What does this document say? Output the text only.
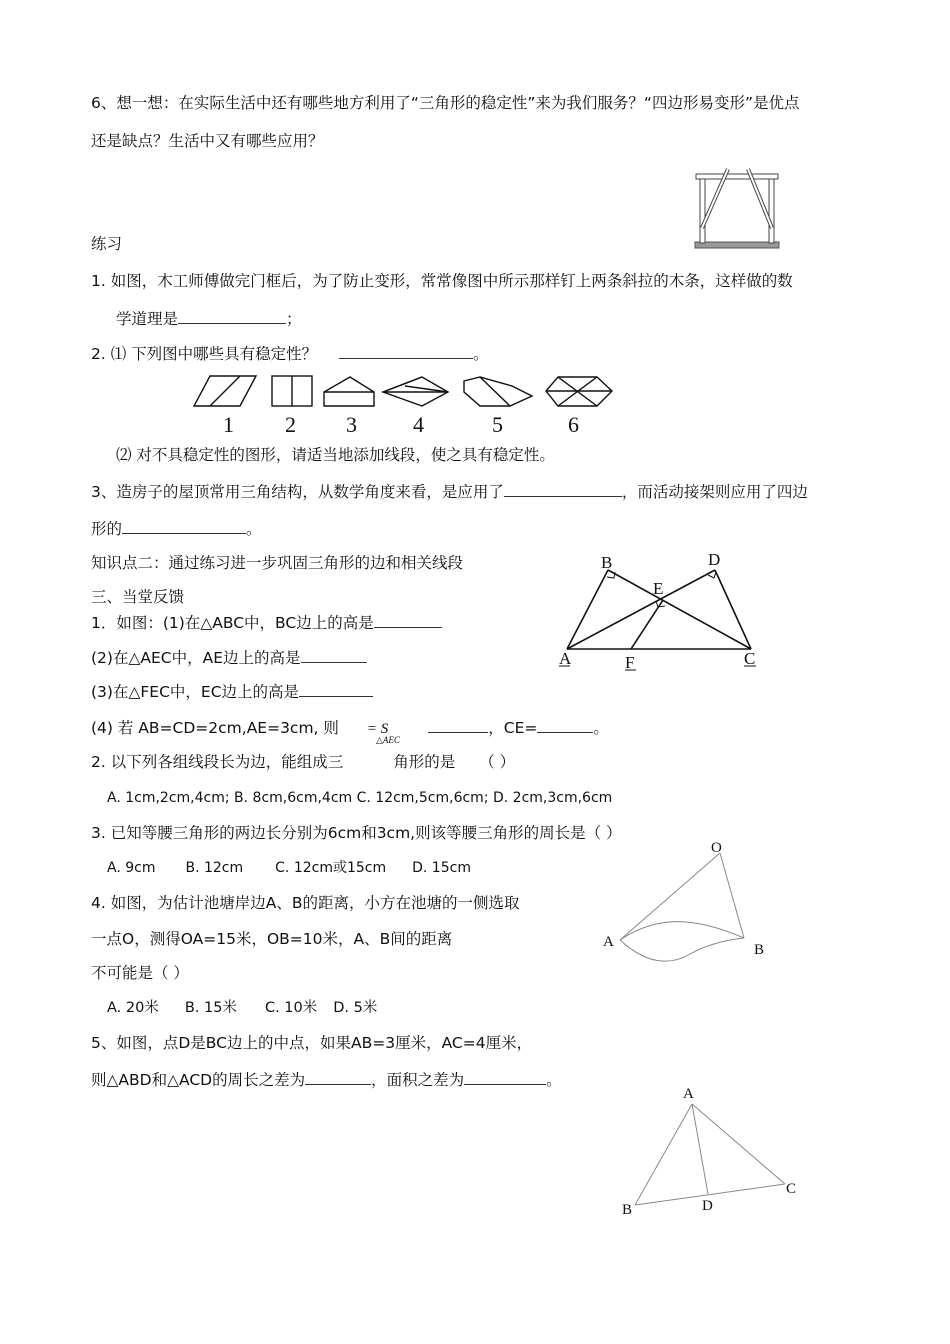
6、想一想：在实际生活中还有哪些地方利用了“三角形的稳定性”来为我们服务？“四边形易变形”是优点
还是缺点？生活中又有哪些应用？
练习
1. 如图，木工师傅做完门框后，为了防止变形，常常像图中所示那样钉上两条斜拉的木条，这样做的数
学道理是	；
2. ⑴ 下列图中哪些具有稳定性？	。
1 2 3	4	5	6
⑵ 对不具稳定性的图形，请适当地添加线段，使之具有稳定性。
3、造房子的屋顶常用三角结构，从数学角度来看，是应用了	，而活动接架则应用了四边
形的	。
知识点二：通过练习进一步巩固三角形的边和相关线段	B	D
E
A	F	C
三、当堂反馈
1．如图：(1)在△ABC中，BC边上的高是
(2)在△AEC中，AE边上的高是
(3)在△FEC中，EC边上的高是
(4) 若 AB=CD=2cm,AE=3cm, 则 = S	，CE=	。
△AEC
2. 以下列各组线段长为边，能组成三	角形的是 （ ）
A. 1cm,2cm,4cm; B. 8cm,6cm,4cm C. 12cm,5cm,6cm; D. 2cm,3cm,6cm
3. 已知等腰三角形的两边长分别为6cm和3cm,则该等腰三角形的周长是（ ）
A. 9cm B. 12cm C. 12cm或15cm D. 15cm
4. 如图，为估计池塘岸边A、B的距离，小方在池塘的一侧选取
一点O，测得OA=15米，OB=10米，A、B间的距离
不可能是（ ）
A. 20米 B. 15米 C. 10米 D. 5米
O
A	B
5、如图，点D是BC边上的中点，如果AB=3厘米，AC=4厘米，
则△ABD和△ACD的周长之差为	，面积之差为	。
A
B
C
D
